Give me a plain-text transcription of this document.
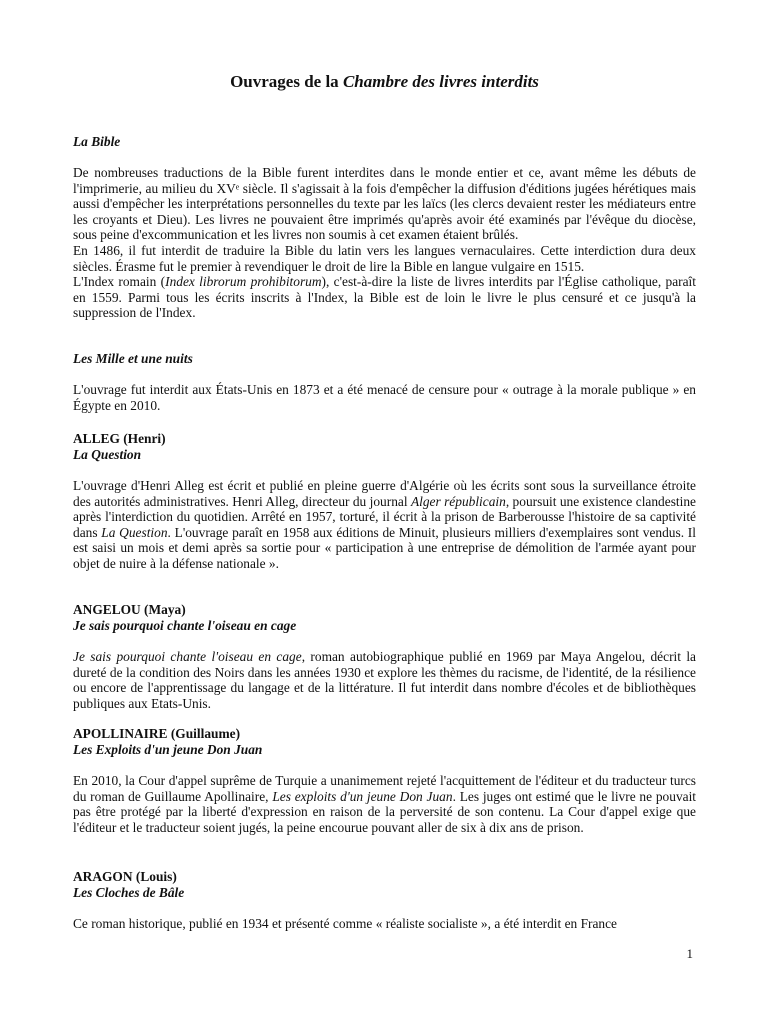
Ouvrages de la Chambre des livres interdits

La Bible

De nombreuses traductions de la Bible furent interdites dans le monde entier et ce, avant même les débuts de l'imprimerie, au milieu du XVᵉ siècle. Il s'agissait à la fois d'empêcher la diffusion d'éditions jugées hérétiques mais aussi d'empêcher les interprétations personnelles du texte par les laïcs (les clercs devaient rester les médiateurs entre les croyants et Dieu). Les livres ne pouvaient être imprimés qu'après avoir été examinés par l'évêque du diocèse, sous peine d'excommunication et les livres non soumis à cet examen étaient brûlés.

En 1486, il fut interdit de traduire la Bible du latin vers les langues vernaculaires. Cette interdiction dura deux siècles. Érasme fut le premier à revendiquer le droit de lire la Bible en langue vulgaire en 1515.

L'Index romain (Index librorum prohibitorum), c'est-à-dire la liste de livres interdits par l'Église catholique, paraît en 1559. Parmi tous les écrits inscrits à l'Index, la Bible est de loin le livre le plus censuré et ce jusqu'à la suppression de l'Index.

Les Mille et une nuits

L'ouvrage fut interdit aux États-Unis en 1873 et a été menacé de censure pour « outrage à la morale publique » en Égypte en 2010.

ALLEG (Henri)

La Question

L'ouvrage d'Henri Alleg est écrit et publié en pleine guerre d'Algérie où les écrits sont sous la surveillance étroite des autorités administratives. Henri Alleg, directeur du journal Alger républicain, poursuit une existence clandestine après l'interdiction du quotidien. Arrêté en 1957, torturé, il écrit à la prison de Barberousse l'histoire de sa captivité dans La Question. L'ouvrage paraît en 1958 aux éditions de Minuit, plusieurs milliers d'exemplaires sont vendus. Il est saisi un mois et demi après sa sortie pour « participation à une entreprise de démolition de l'armée ayant pour objet de nuire à la défense nationale ».

ANGELOU (Maya)

Je sais pourquoi chante l'oiseau en cage

Je sais pourquoi chante l'oiseau en cage, roman autobiographique publié en 1969 par Maya Angelou, décrit la dureté de la condition des Noirs dans les années 1930 et explore les thèmes du racisme, de l'identité, de la résilience ou encore de l'apprentissage du langage et de la littérature. Il fut interdit dans nombre d'écoles et de bibliothèques publiques aux Etats-Unis.

APOLLINAIRE (Guillaume)

Les Exploits d'un jeune Don Juan

En 2010, la Cour d'appel suprême de Turquie a unanimement rejeté l'acquittement de l'éditeur et du traducteur turcs du roman de Guillaume Apollinaire, Les exploits d'un jeune Don Juan. Les juges ont estimé que le livre ne pouvait pas être protégé par la liberté d'expression en raison de la perversité de son contenu. La Cour d'appel exige que l'éditeur et le traducteur soient jugés, la peine encourue pouvant aller de six à dix ans de prison.

ARAGON (Louis)

Les Cloches de Bâle

Ce roman historique, publié en 1934 et présenté comme « réaliste socialiste », a été interdit en France

1
